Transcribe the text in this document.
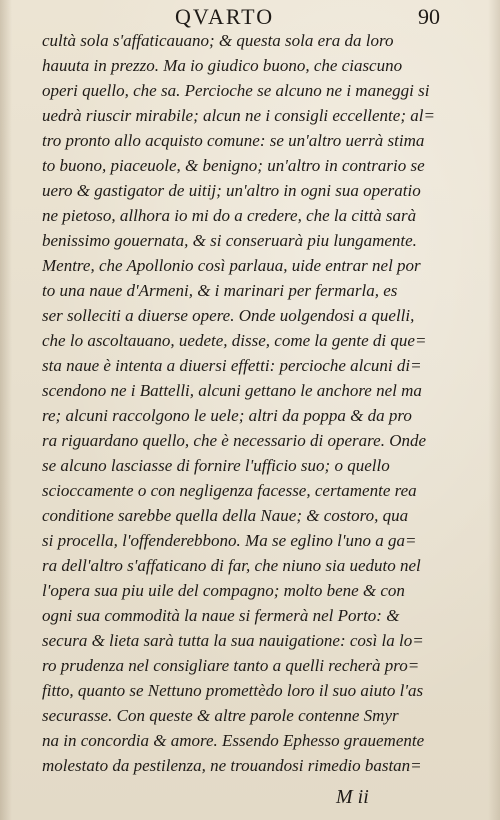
QVARTO	90
cultà sola s'affaticauano; & questa sola era da loro
hauuta in prezzo. Ma io giudico buono, che ciascuno
operi quello, che sa. Percioche se alcuno ne i maneggi si
uedrà riuscir mirabile; alcun ne i consigli eccellente; al=
tro pronto allo acquisto comune: se un'altro uerrà stima
to buono, piaceuole, & benigno; un'altro in contrario se
uero & gastigator de uitij; un'altro in ogni sua operatio
ne pietoso, allhora io mi do a credere, che la città sarà
benissimo gouernata, & si conseruarà piu lungamente.
Mentre, che Apollonio così parlaua, uide entrar nel por
to una naue d'Armeni, & i marinari per fermarla, es
ser solleciti a diuerse opere. Onde uolgendosi a quelli,
che lo ascoltauano, uedete, disse, come la gente di que=
sta naue è intenta a diuersi effetti: percioche alcuni di=
scendono ne i Battelli, alcuni gettano le anchore nel ma
re; alcuni raccolgono le uele; altri da poppa & da pro
ra riguardano quello, che è necessario di operare. Onde
se alcuno lasciasse di fornire l'ufficio suo; o quello
scioccamente o con negligenza facesse, certamente rea
conditione sarebbe quella della Naue; & costoro, qua
si procella, l'offenderebbono. Ma se eglino l'uno a ga=
ra dell'altro s'affaticano di far, che niuno sia ueduto nel
l'opera sua piu uile del compagno; molto bene & con
ogni sua commodità la naue si fermerà nel Porto: &
secura & lieta sarà tutta la sua nauigatione: così la lo=
ro prudenza nel consigliare tanto a quelli recherà pro=
fitto, quanto se Nettuno promettèdo loro il suo aiuto l'as
securasse. Con queste & altre parole contenne Smyr
na in concordia & amore. Essendo Ephesso grauemente
molestato da pestilenza, ne trouandosi rimedio bastan=
M ii
